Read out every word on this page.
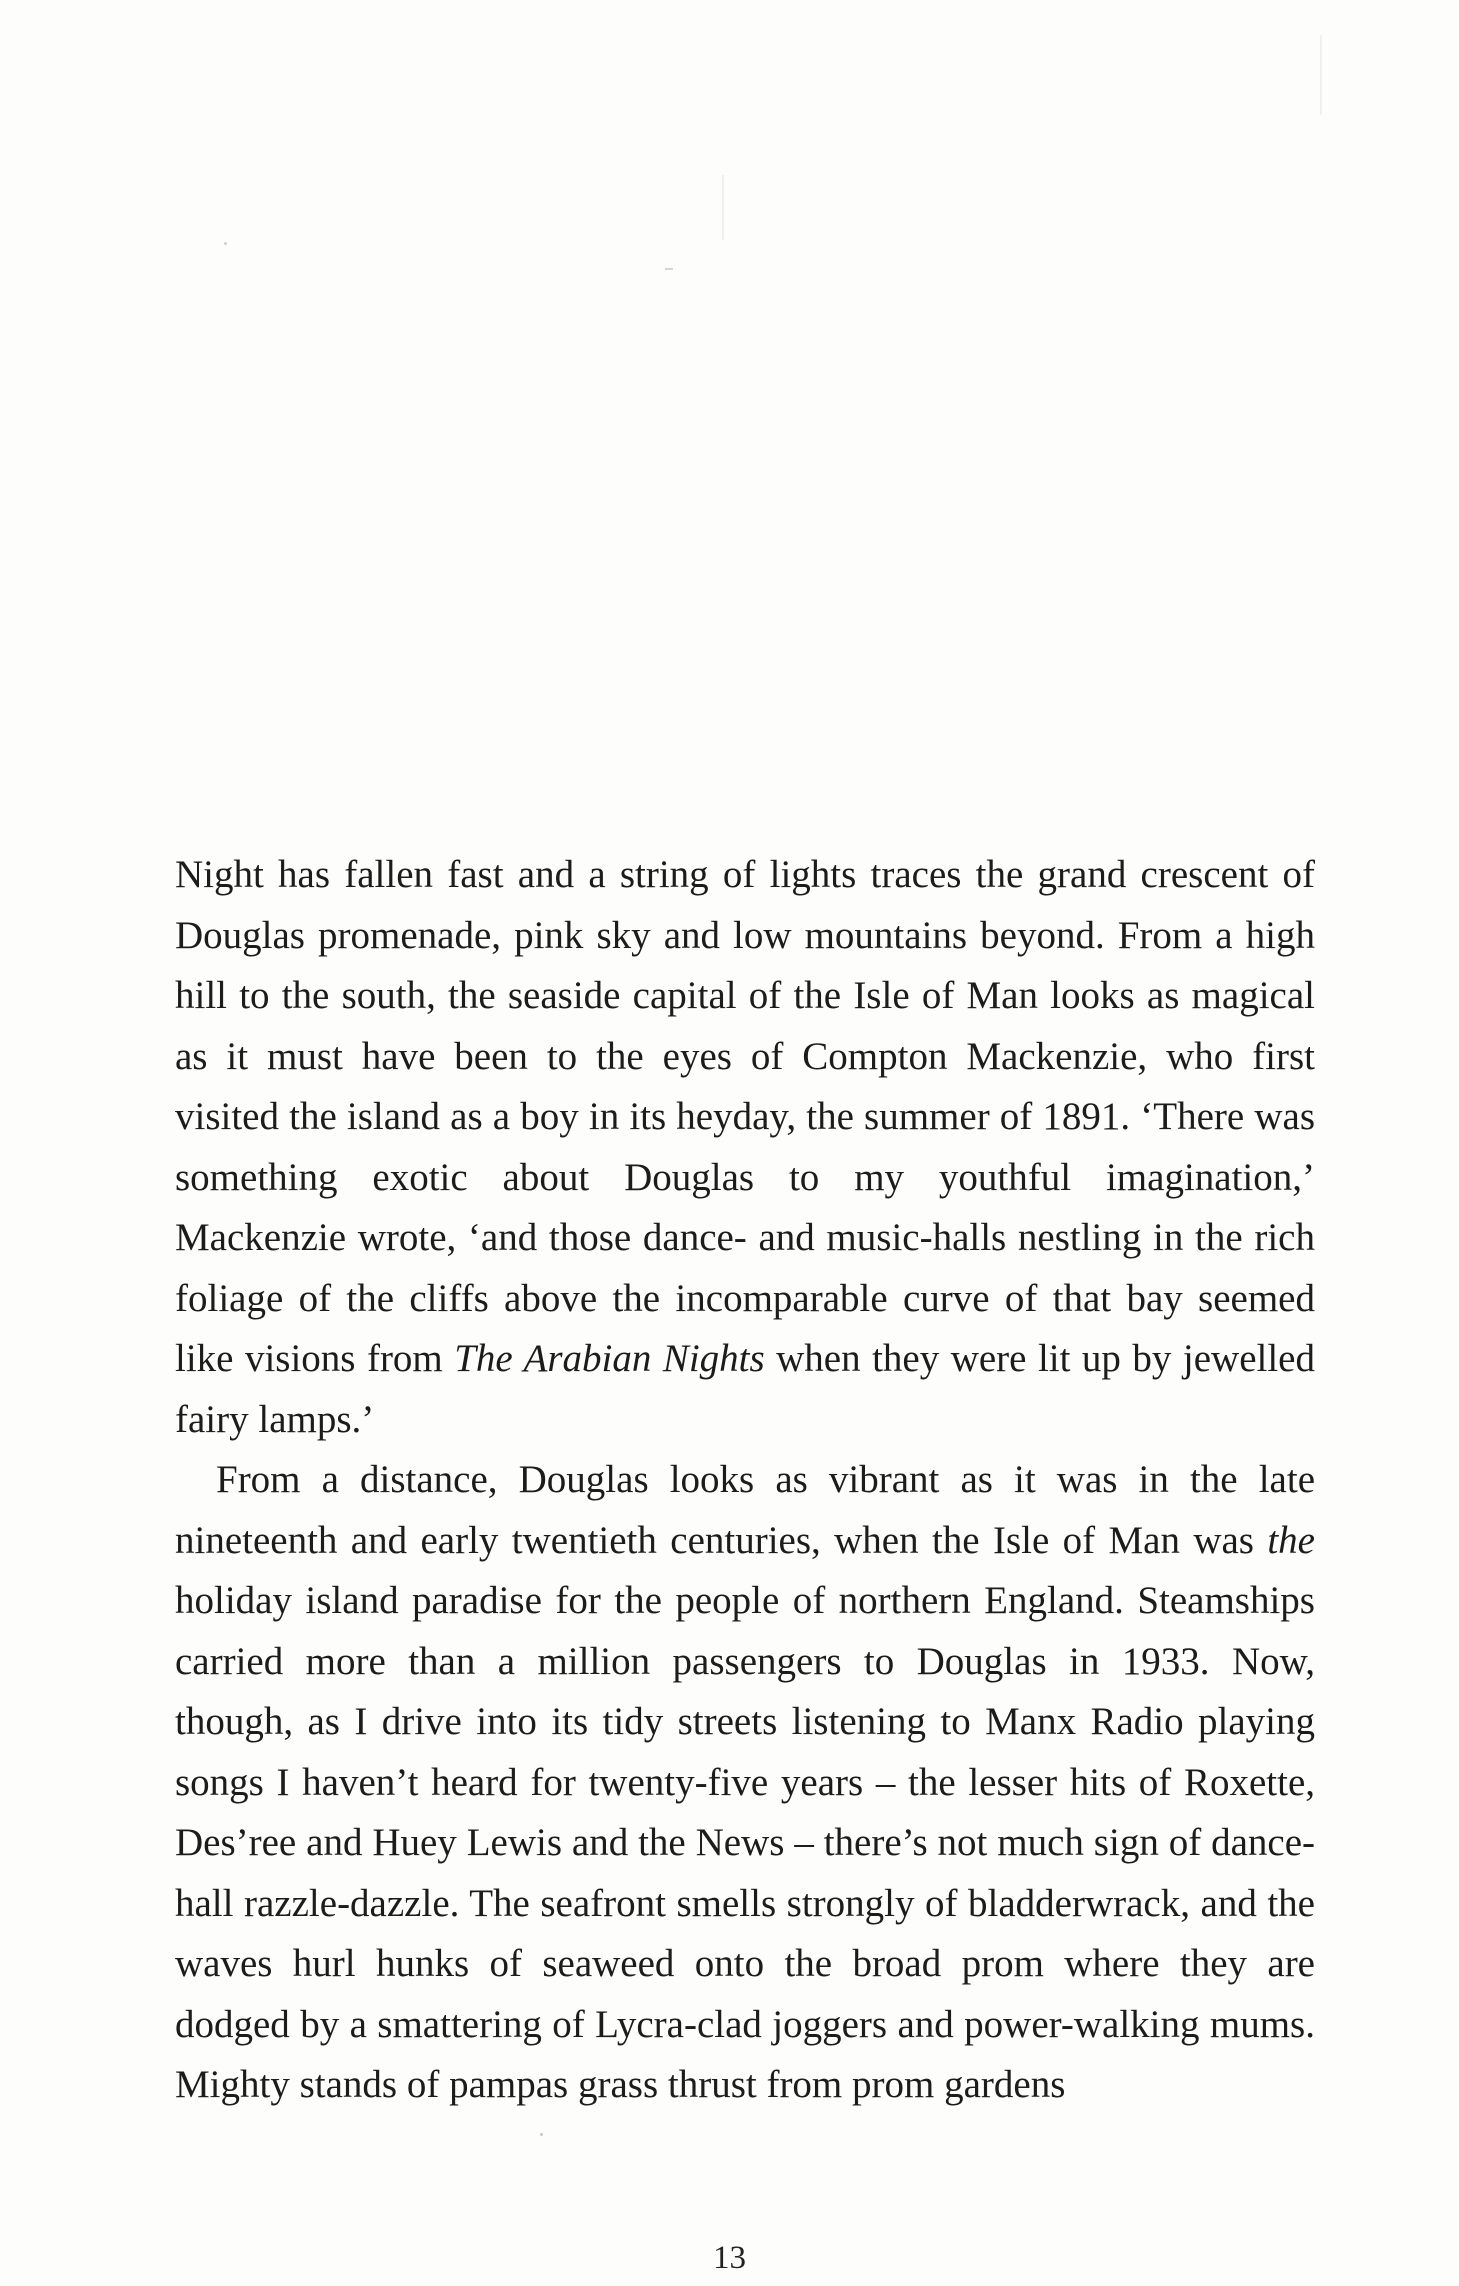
Night has fallen fast and a string of lights traces the grand crescent of Douglas promenade, pink sky and low mountains beyond. From a high hill to the south, the seaside capital of the Isle of Man looks as magical as it must have been to the eyes of Compton Mackenzie, who first visited the island as a boy in its heyday, the summer of 1891. ‘There was something exotic about Douglas to my youthful imagination,’ Mackenzie wrote, ‘and those dance- and music-halls nestling in the rich foliage of the cliffs above the incomparable curve of that bay seemed like visions from The Arabian Nights when they were lit up by jewelled fairy lamps.’

From a distance, Douglas looks as vibrant as it was in the late nineteenth and early twentieth centuries, when the Isle of Man was the holiday island paradise for the people of northern England. Steamships carried more than a million passengers to Douglas in 1933. Now, though, as I drive into its tidy streets listening to Manx Radio playing songs I haven’t heard for twenty-five years – the lesser hits of Roxette, Des’ree and Huey Lewis and the News – there’s not much sign of dance-hall razzle-dazzle. The seafront smells strongly of bladderwrack, and the waves hurl hunks of seaweed onto the broad prom where they are dodged by a smattering of Lycra-clad joggers and power-walking mums. Mighty stands of pampas grass thrust from prom gardens

13
